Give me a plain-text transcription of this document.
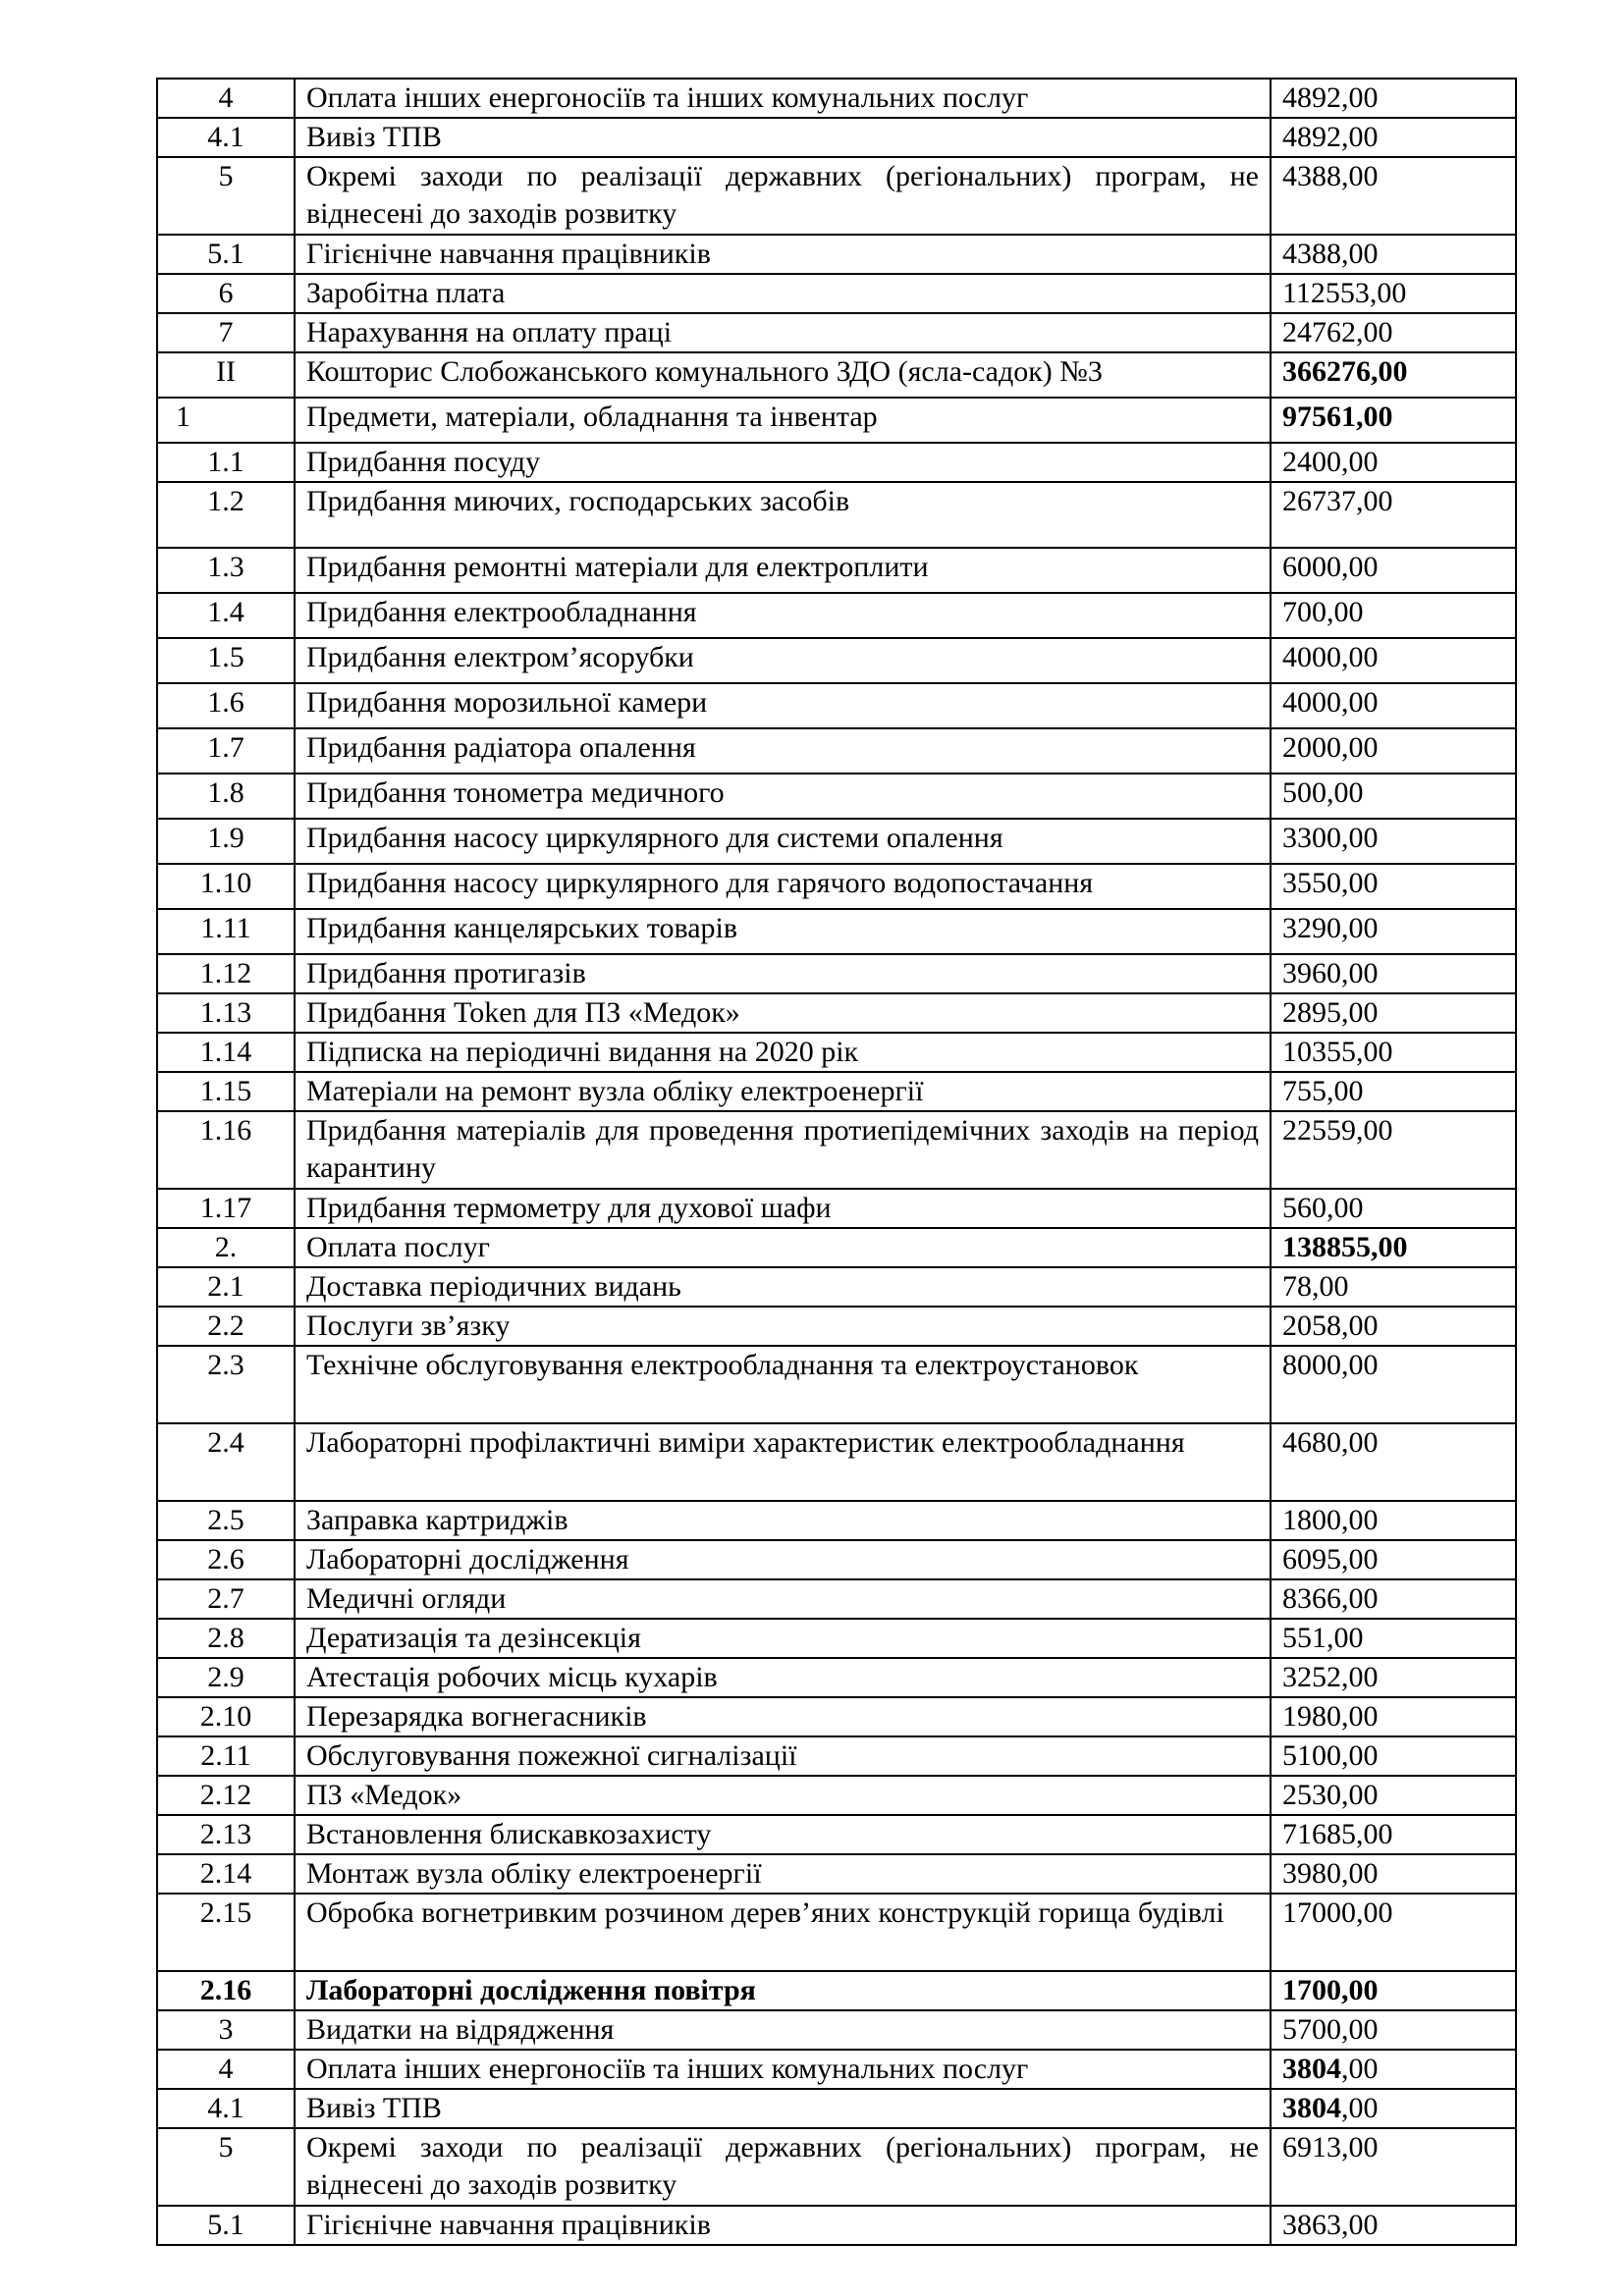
4	Оплата інших енергоносіїв та інших комунальних послуг	4892,00
4.1	Вивіз ТПВ	4892,00
5	Окремі заходи по реалізації державних (регіональних) програм, не віднесені до заходів розвитку	4388,00
5.1	Гігієнічне навчання працівників	4388,00
6	Заробітна плата	112553,00
7	Нарахування на оплату праці	24762,00
II	Кошторис Слобожанського комунального ЗДО (ясла-садок) №3	366276,00
1	Предмети, матеріали, обладнання та інвентар	97561,00
1.1	Придбання посуду	2400,00
1.2	Придбання миючих, господарських засобів	26737,00
1.3	Придбання ремонтні матеріали для електроплити	6000,00
1.4	Придбання електрообладнання	700,00
1.5	Придбання електром’ясорубки	4000,00
1.6	Придбання морозильної камери	4000,00
1.7	Придбання радіатора опалення	2000,00
1.8	Придбання тонометра медичного	500,00
1.9	Придбання насосу циркулярного для системи опалення	3300,00
1.10	Придбання насосу циркулярного для гарячого водопостачання	3550,00
1.11	Придбання канцелярських товарів	3290,00
1.12	Придбання протигазів	3960,00
1.13	Придбання Token для ПЗ «Медок»	2895,00
1.14	Підписка на періодичні видання на 2020 рік	10355,00
1.15	Матеріали на ремонт вузла обліку електроенергії	755,00
1.16	Придбання матеріалів для проведення протиепідемічних заходів на період карантину	22559,00
1.17	Придбання термометру для духової шафи	560,00
2.	Оплата послуг	138855,00
2.1	Доставка періодичних видань	78,00
2.2	Послуги зв’язку	2058,00
2.3	Технічне обслуговування електрообладнання та електроустановок	8000,00
2.4	Лабораторні профілактичні виміри характеристик електрообладнання	4680,00
2.5	Заправка картриджів	1800,00
2.6	Лабораторні дослідження	6095,00
2.7	Медичні огляди	8366,00
2.8	Дератизація та дезінсекція	551,00
2.9	Атестація робочих місць кухарів	3252,00
2.10	Перезарядка вогнегасників	1980,00
2.11	Обслуговування пожежної сигналізації	5100,00
2.12	ПЗ «Медок»	2530,00
2.13	Встановлення блискавкозахисту	71685,00
2.14	Монтаж вузла обліку електроенергії	3980,00
2.15	Обробка вогнетривким розчином дерев’яних конструкцій горища будівлі	17000,00
2.16	Лабораторні дослідження повітря	1700,00
3	Видатки на відрядження	5700,00
4	Оплата інших енергоносіїв та інших комунальних послуг	3804,00
4.1	Вивіз ТПВ	3804,00
5	Окремі заходи по реалізації державних (регіональних) програм, не віднесені до заходів розвитку	6913,00
5.1	Гігієнічне навчання працівників	3863,00
